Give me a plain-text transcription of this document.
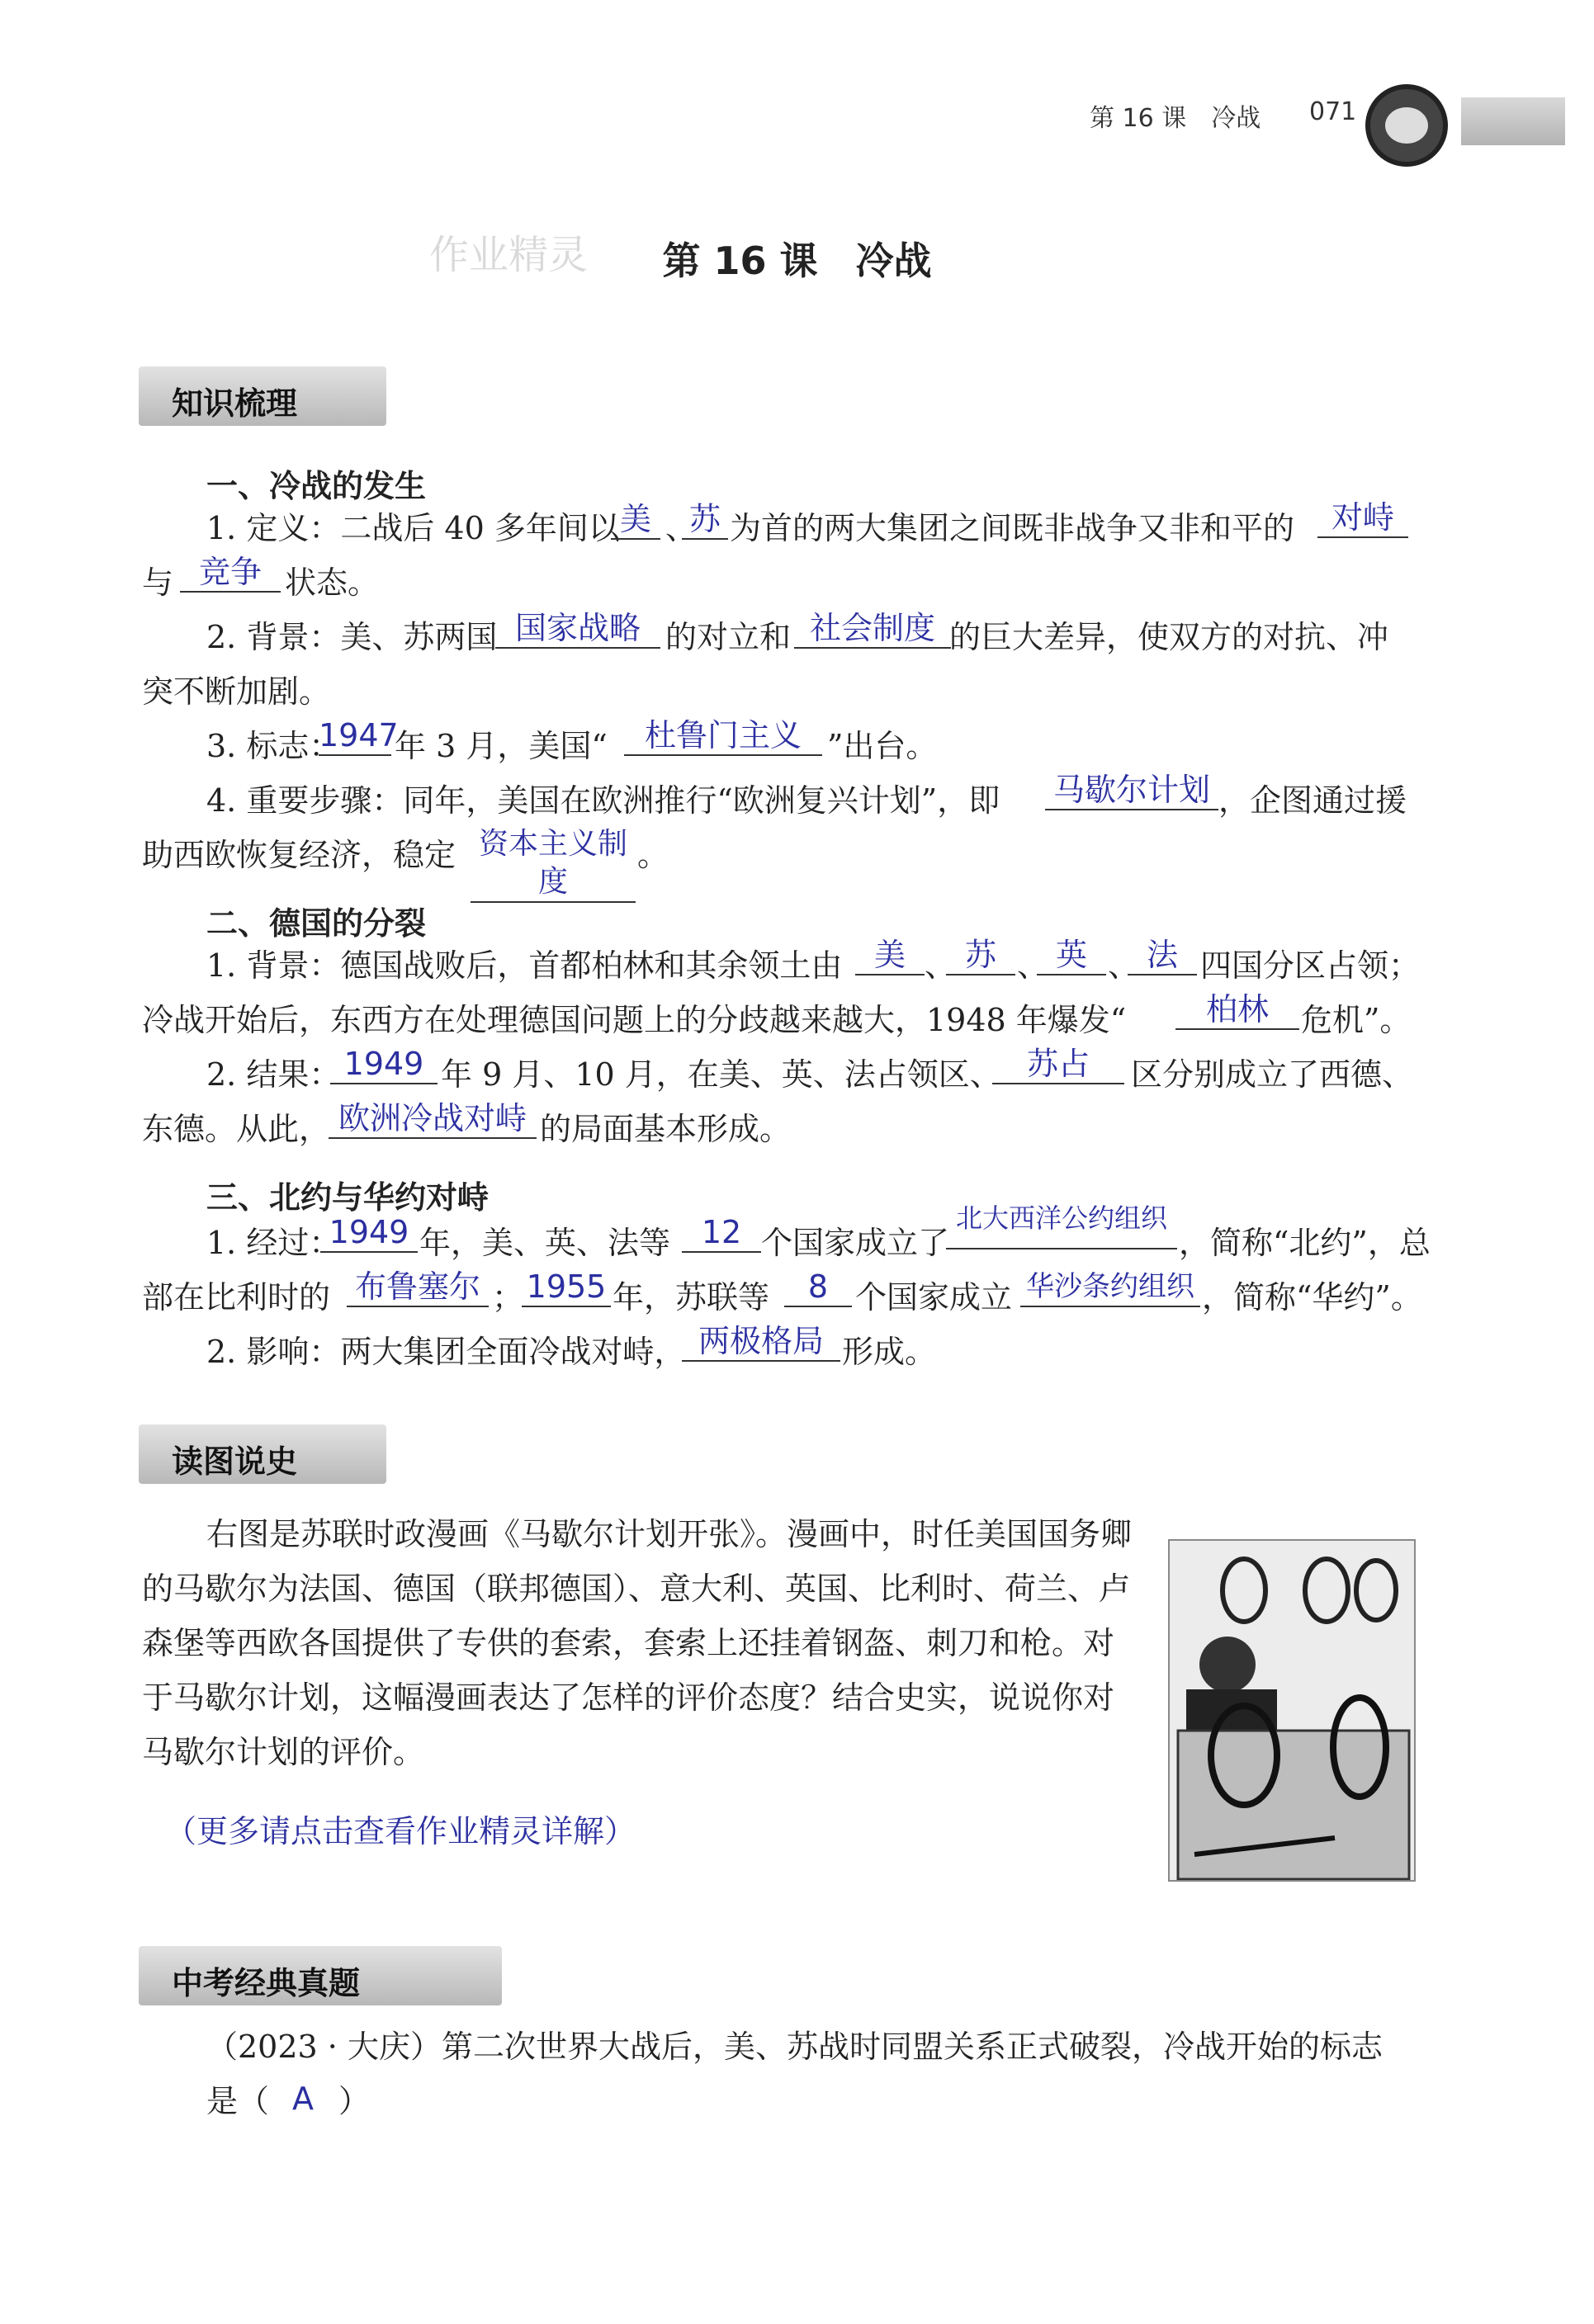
第 16 课　冷战 071
作业精灵	第 16 课　冷战
知识梳理
一、冷战的发生
1. 定义：二战后 40 多年间以 美 、
苏 为首的两大集团之间既非战争又非和平的	对峙
与 竞争 状态。
2. 背景：美、苏两国 国家战略 的对立和 社会制度 的巨大差异，使双方的对抗、冲
突不断加剧。
3. 标志：
1947
年 3 月，美国“	杜鲁门主义 ”出台。
4. 重要步骤：同年，美国在欧洲推行“欧洲复兴计划”，即 马歇尔计划 ，企图通过援
助西欧恢复经济，稳定 资本主义制度
。
二、德国的分裂
1. 背景：德国战败后，首都柏林和其余领土由	美 、 苏 、 英 、 法 四国分区占领；
冷战开始后，东西方在处理德国问题上的分歧越来越大，1948 年爆发“	柏林	危机”。
2. 结果： 1949 年 9 月、10 月，在美、英、法占领区、 苏占	区分别成立了西德、
东德。从此， 欧洲冷战对峙 的局面基本形成。
三、北约与华约对峙
1. 经过：
1949 年，美、英、法等 12 个国家成立了
北大西洋公约组织
，简称“北约”，总
部在比利时的 布鲁塞尔 ； 1955 年，苏联等	8 个国家成立 华沙条约组织 ，简称“华约”。
2. 影响：两大集团全面冷战对峙， 两极格局 形成。
读图说史
右图是苏联时政漫画《马歇尔计划开张》。漫画中，时任美国国务卿的马歇尔为法国、德国（联邦德国）、意大利、英国、比利时、荷兰、卢森堡等西欧各国提供了专供的套索，套索上还挂着钢盔、刺刀和枪。对于马歇尔计划，这幅漫画表达了怎样的评价态度？结合史实，说说你对马歇尔计划的评价。
（更多请点击查看作业精灵详解）
中考经典真题
（2023 · 大庆）第二次世界大战后，美、苏战时同盟关系正式破裂，冷战开始的标志
是（ A ）
